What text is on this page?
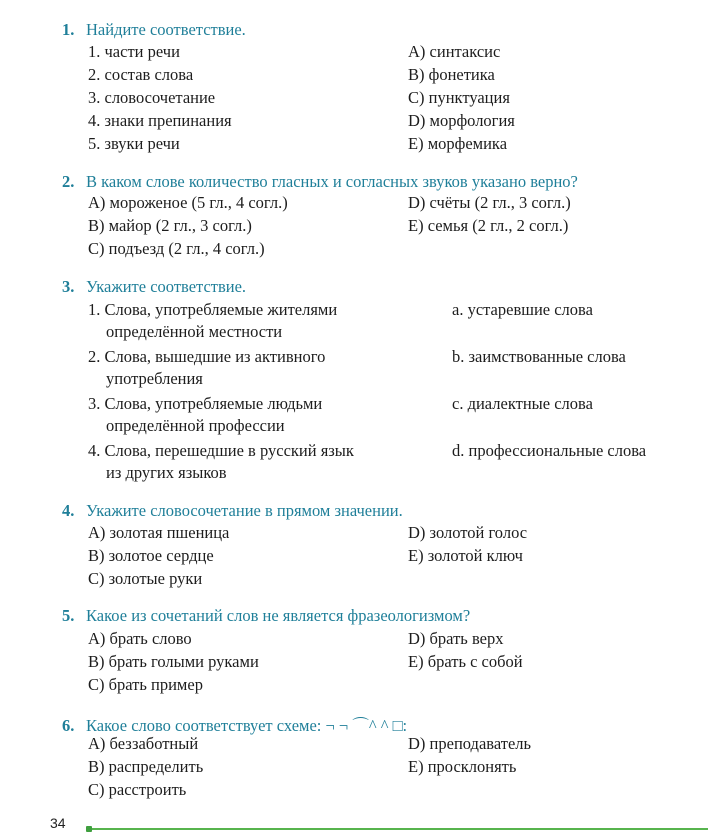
1. Найдите соответствие.
1. части речи
2. состав слова
3. словосочетание
4. знаки препинания
5. звуки речи
A) синтаксис
B) фонетика
C) пунктуация
D) морфология
E) морфемика
2. В каком слове количество гласных и согласных звуков указано верно?
A) мороженое (5 гл., 4 согл.)
B) майор (2 гл., 3 согл.)
C) подъезд (2 гл., 4 согл.)
D) счёты (2 гл., 3 согл.)
E) семья (2 гл., 2 согл.)
3. Укажите соответствие.
1. Слова, употребляемые жителями
определённой местности
2. Слова, вышедшие из активного
употребления
3. Слова, употребляемые людьми
определённой профессии
4. Слова, перешедшие в русский язык
из других языков
a. устаревшие слова
b. заимствованные слова
c. диалектные слова
d. профессиональные слова
4. Укажите словосочетание в прямом значении.
A) золотая пшеница
B) золотое сердце
C) золотые руки
D) золотой голос
E) золотой ключ
5. Какое из сочетаний слов не является фразеологизмом?
A) брать слово
B) брать голыми руками
C) брать пример
D) брать верх
E) брать с собой
6. Какое слово соответствует схеме: ¬ ¬ ⌒^ ^ □:
A) беззаботный
B) распределить
C) расстроить
D) преподаватель
E) просклонять
34
